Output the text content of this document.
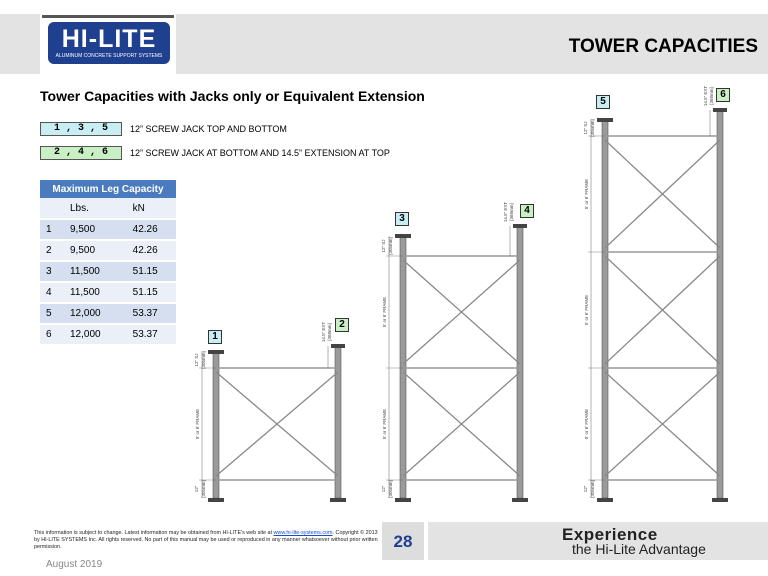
HI-LITE
ALUMINUM CONCRETE SUPPORT SYSTEMS	TOWER CAPACITIES
Tower Capacities with Jacks only or Equivalent Extension
1 , 3 , 5	12” SCREW JACK TOP AND BOTTOM
2 , 4 , 6	12” SCREW JACK AT BOTTOM AND 14.5” EXTENSION AT TOP
Maximum Leg Capacity		
	Lbs.	kN
1	9,500	42.26
2	9,500	42.26
3	11,500	51.15
4	11,500	51.15
5	12,000	53.37
6	12,000	53.37
12” SJ [305mm]
5' or 6' FRAME
12” [305mm]
14.5” EXT [368mm]
12” SJ [305mm]
5' or 6' FRAME
5' or 6' FRAME
12” [305mm]
14.5” EXT [368mm]
12” SJ [305mm]
5' or 6' FRAME
5' or 6' FRAME
5' or 6' FRAME
12” [305mm]
14.5” EXT [368mm]
1
2
3
4
5
6
This information is subject to change. Latest information may be obtained from HI-LITE's web site at www.hi-lite-systems.com. Copyright © 2013 by HI-LITE SYSTEMS Inc. All rights reserved. No part of this manual may be used or reproduced in any manner whatsoever without prior written permission.	28	Experience
the Hi-Lite Advantage
August 2019
